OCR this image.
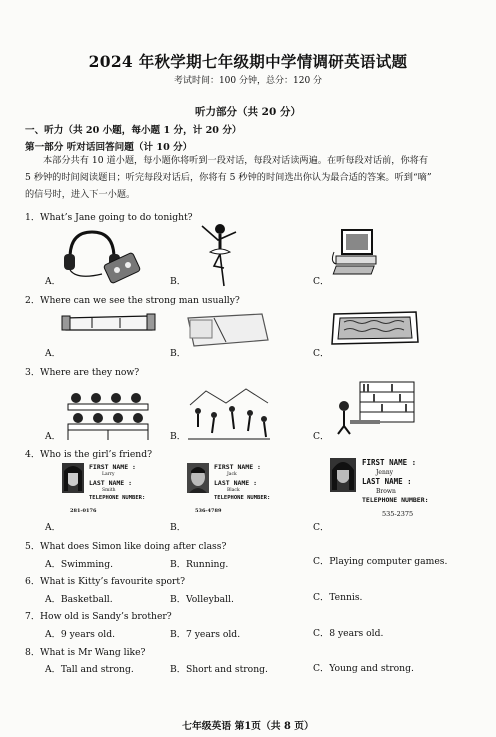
2024 年秋学期七年级期中学情调研英语试题
考试时间：100 分钟，总分：120 分
听力部分（共 20 分）
一、听力（共 20 小题，每小题 1 分，计 20 分）
第一部分 听对话回答问题（计 10 分）
本部分共有 10 道小题，每小题你将听到一段对话，每段对话读两遍。在听每段对话前，你将有
5 秒钟的时间阅读题目；听完每段对话后，你将有 5 秒钟的时间选出你认为最合适的答案。听到“嘀”
的信号时，进入下一小题。
1．What’s Jane going to do tonight?
A．	B．	C．
2．Where can we see the strong man usually?
A．	B．	C．
3．Where are they now?
A．	B．	C．
4．Who is the girl’s friend?
A．	B．	C．
FIRST NAME :
Larry
LAST NAME :
Smith
TELEPHONE NUMBER:
281-0176
FIRST NAME :
Jack
LAST NAME :
Black
TELEPHONE NUMBER:
536-4789
FIRST NAME :
Jenny
LAST NAME :
Brown
TELEPHONE NUMBER:
535-2375
5．What does Simon like doing after class?
A．Swimming.	B．Running.	C．Playing computer games.
6．What is Kitty’s favourite sport?
A．Basketball.	B．Volleyball.	C．Tennis.
7．How old is Sandy’s brother?
A．9 years old.	B．7 years old.	C．8 years old.
8．What is Mr Wang like?
A．Tall and strong.	B．Short and strong.	C．Young and strong.
七年级英语 第1页（共 8 页）
